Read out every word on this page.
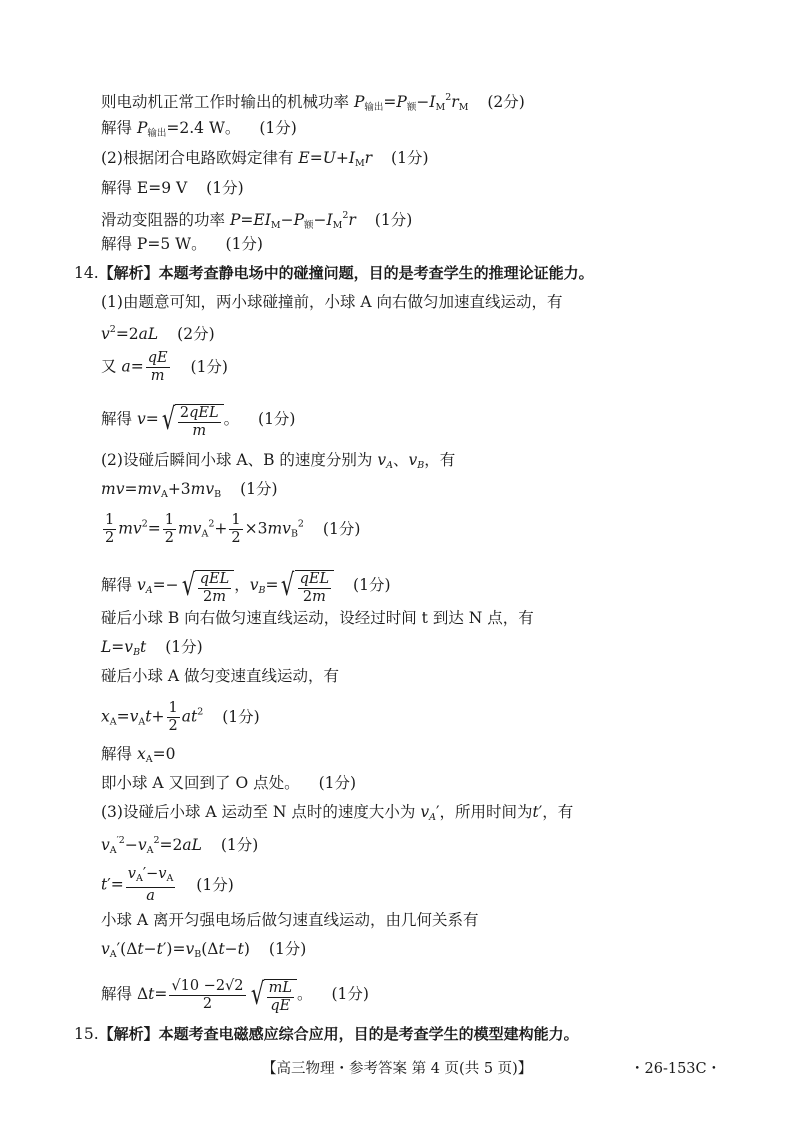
则电动机正常工作时输出的机械功率 $P_{输出}=P_额-I_M^2r_M$ (2分)
解得 $P_{输出}=2.4$ W。 (1分)
(2)根据闭合电路欧姆定律有 $E=U+I_Mr$ (1分)
解得 E=9 V (1分)
滑动变阻器的功率 $P=EI_M-P_额-I_M^2r$ (1分)
解得 P=5 W。 (1分)
14.【解析】本题考查静电场中的碰撞问题，目的是考查学生的推理论证能力。
(1)由题意可知，两小球碰撞前，小球 A 向右做匀加速直线运动，有
$v^2=2aL$ (2分)
又 $a= \frac{qE}{m} (1$分)
解得 v= √ $\frac{\text{2qEL}}{m}$ 。 (1分)
(2)设碰后瞬间小球 A、B 的速度分别为 $v_A$、$v_B$，有
$mv=mv_A+3mv_B$ (1分)
$\frac{1}{2} mv^2= \frac{1}{2} mv_A^2+ \frac{1}{2} \times 3mv_B^2$ (1分)
解得 $v_A=-$ √ $\frac{\text{qEL}}{2m}$ ，$v_B=$ √ $\frac{\text{qEL}}{2m} (1$分)
碰后小球 B 向右做匀速直线运动，设经过时间 t 到达 N 点，有
$L=v_Bt$ (1分)
碰后小球 A 做匀变速直线运动，有
$x_A=v_At+ \frac{1}{2} at^2$ (1分)
解得 $x_A=0$
即小球 A 又回到了 O 点处。 (1分)
(3)设碰后小球 A 运动至 N 点时的速度大小为 $v_A'$，所用时间为t′，有
$v_A^{'2}-v_A^2=2aL$ (1分)
$t'= \frac{v_A'-v_A}{a} (1$分)
小球 A 离开匀强电场后做匀速直线运动，由几何关系有
$v_A'(\Delta t-t')=v_B(\Delta t-t)$ (1分)
解得 $\Delta t= \frac{√10 -2√2}{2}$ √ $\frac{mL}{qE}$ 。 (1分)
15.【解析】本题考查电磁感应综合应用，目的是考查学生的模型建构能力。
【高三物理・参考答案 第 4 页(共 5 页)】	・26-153C・
